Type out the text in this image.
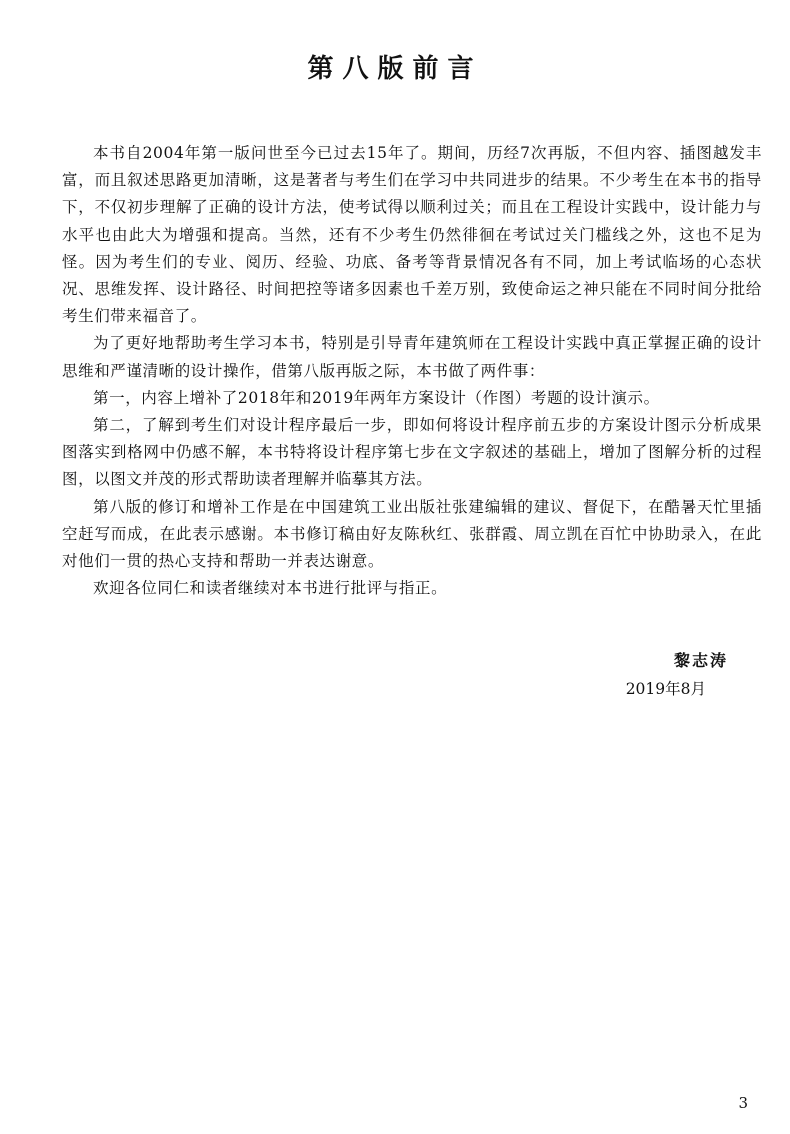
第八版前言

本书自2004年第一版问世至今已过去15年了。期间，历经7次再版，不但内容、插图越发丰富，而且叙述思路更加清晰，这是著者与考生们在学习中共同进步的结果。不少考生在本书的指导下，不仅初步理解了正确的设计方法，使考试得以顺利过关；而且在工程设计实践中，设计能力与水平也由此大为增强和提高。当然，还有不少考生仍然徘徊在考试过关门槛线之外，这也不足为怪。因为考生们的专业、阅历、经验、功底、备考等背景情况各有不同，加上考试临场的心态状况、思维发挥、设计路径、时间把控等诸多因素也千差万别，致使命运之神只能在不同时间分批给考生们带来福音了。

为了更好地帮助考生学习本书，特别是引导青年建筑师在工程设计实践中真正掌握正确的设计思维和严谨清晰的设计操作，借第八版再版之际，本书做了两件事：

第一，内容上增补了2018年和2019年两年方案设计（作图）考题的设计演示。

第二，了解到考生们对设计程序最后一步，即如何将设计程序前五步的方案设计图示分析成果图落实到格网中仍感不解，本书特将设计程序第七步在文字叙述的基础上，增加了图解分析的过程图，以图文并茂的形式帮助读者理解并临摹其方法。

第八版的修订和增补工作是在中国建筑工业出版社张建编辑的建议、督促下，在酷暑天忙里插空赶写而成，在此表示感谢。本书修订稿由好友陈秋红、张群霞、周立凯在百忙中协助录入，在此对他们一贯的热心支持和帮助一并表达谢意。

欢迎各位同仁和读者继续对本书进行批评与指正。

黎志涛
2019年8月
3
